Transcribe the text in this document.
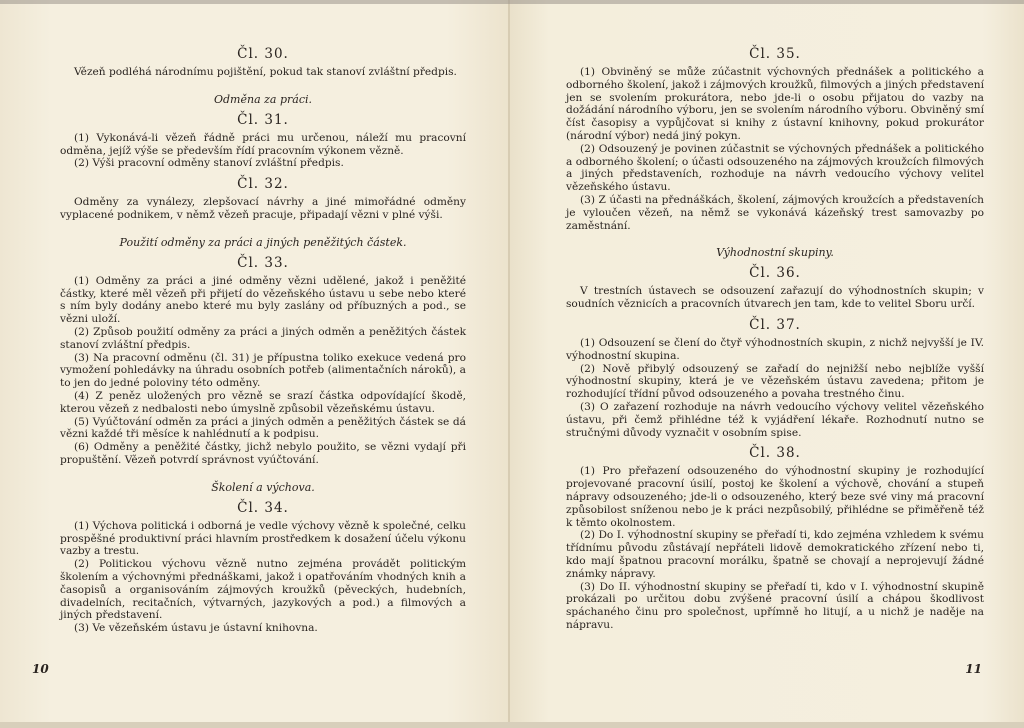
Čl. 30.

Vězeň podléhá národnímu pojištění, pokud tak stanoví zvláštní předpis.

Odměna za práci.
Čl. 31.

(1) Vykonává-li vězeň řádně práci mu určenou, náleží mu pracovní odměna, jejíž výše se především řídí pracovním výkonem vězně.

(2) Výši pracovní odměny stanoví zvláštní předpis.

Čl. 32.

Odměny za vynálezy, zlepšovací návrhy a jiné mimořádné odměny vyplacené podnikem, v němž vězeň pracuje, připadají vězni v plné výši.

Použití odměny za práci a jiných peněžitých částek.
Čl. 33.

(1) Odměny za práci a jiné odměny vězni udělené, jakož i peněžité částky, které měl vězeň při přijetí do vězeňského ústavu u sebe nebo které s ním byly dodány anebo které mu byly zaslány od příbuzných a pod., se vězni uloží.

(2) Způsob použití odměny za práci a jiných odměn a peněžitých částek stanoví zvláštní předpis.

(3) Na pracovní odměnu (čl. 31) je přípustna toliko exekuce vedená pro vymožení pohledávky na úhradu osobních potřeb (alimentačních nároků), a to jen do jedné poloviny této odměny.

(4) Z peněz uložených pro vězně se srazí částka odpovídající škodě, kterou vězeň z nedbalosti nebo úmyslně způsobil vězeňskému ústavu.

(5) Vyúčtování odměn za práci a jiných odměn a peněžitých částek se dá vězni každé tři měsíce k nahlédnutí a k podpisu.

(6) Odměny a peněžité částky, jichž nebylo použito, se vězni vydají při propuštění. Vězeň potvrdí správnost vyúčtování.

Školení a výchova.
Čl. 34.

(1) Výchova politická i odborná je vedle výchovy vězně k společné, celku prospěšné produktivní práci hlavním prostředkem k dosažení účelu výkonu vazby a trestu.

(2) Politickou výchovu vězně nutno zejména provádět politickým školením a výchovnými přednáškami, jakož i opatřováním vhodných knih a časopisů a organisováním zájmových kroužků (pěveckých, hudebních, divadelních, recitačních, výtvarných, jazykových a pod.) a filmových a jiných představení.

(3) Ve vězeňském ústavu je ústavní knihovna.

10
Čl. 35.

(1) Obviněný se může zúčastnit výchovných přednášek a politického a odborného školení, jakož i zájmových kroužků, filmových a jiných představení jen se svolením prokurátora, nebo jde-li o osobu přijatou do vazby na dožádání národního výboru, jen se svolením národního výboru. Obviněný smí číst časopisy a vypůjčovat si knihy z ústavní knihovny, pokud prokurátor (národní výbor) nedá jiný pokyn.

(2) Odsouzený je povinen zúčastnit se výchovných přednášek a politického a odborného školení; o účasti odsouzeného na zájmových kroužcích filmových a jiných představeních, rozhoduje na návrh vedoucího výchovy velitel vězeňského ústavu.

(3) Z účasti na přednáškách, školení, zájmových kroužcích a představeních je vyloučen vězeň, na němž se vykonává kázeňský trest samovazby po zaměstnání.

Výhodnostní skupiny.
Čl. 36.

V trestních ústavech se odsouzení zařazují do výhodnostních skupin; v soudních věznicích a pracovních útvarech jen tam, kde to velitel Sboru určí.

Čl. 37.

(1) Odsouzení se člení do čtyř výhodnostních skupin, z nichž nejvyšší je IV. výhodnostní skupina.

(2) Nově přibylý odsouzený se zařadí do nejnižší nebo nejblíže vyšší výhodnostní skupiny, která je ve vězeňském ústavu zavedena; přitom je rozhodující třídní původ odsouzeného a povaha trestného činu.

(3) O zařazení rozhoduje na návrh vedoucího výchovy velitel vězeňského ústavu, při čemž přihlédne též k vyjádření lékaře. Rozhodnutí nutno se stručnými důvody vyznačit v osobním spise.

Čl. 38.

(1) Pro přeřazení odsouzeného do výhodnostní skupiny je rozhodující projevované pracovní úsilí, postoj ke školení a výchově, chování a stupeň nápravy odsouzeného; jde-li o odsouzeného, který beze své viny má pracovní způsobilost sníženou nebo je k práci nezpůsobilý, přihlédne se přiměřeně též k těmto okolnostem.

(2) Do I. výhodnostní skupiny se přeřadí ti, kdo zejména vzhledem k svému třídnímu původu zůstávají nepřáteli lidově demokratického zřízení nebo ti, kdo mají špatnou pracovní morálku, špatně se chovají a neprojevují žádné známky nápravy.

(3) Do II. výhodnostní skupiny se přeřadí ti, kdo v I. výhodnostní skupině prokázali po určitou dobu zvýšené pracovní úsilí a chápou škodlivost spáchaného činu pro společnost, upřímně ho litují, a u nichž je naděje na nápravu.

11
